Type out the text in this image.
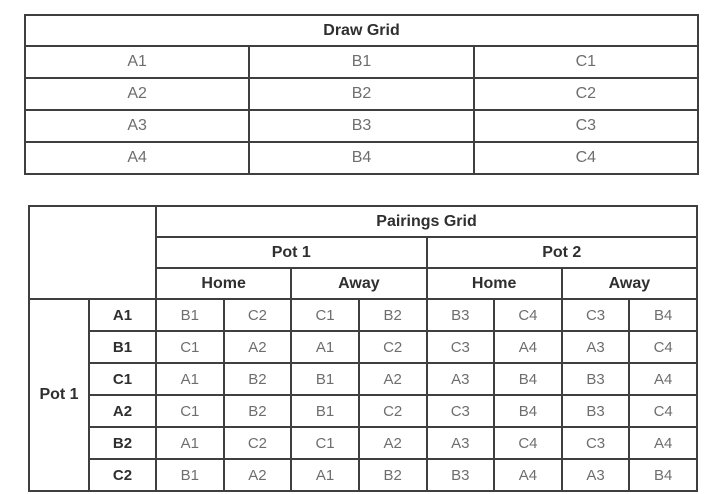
Draw Grid		
A1	B1	C1
A2	B2	C2
A3	B3	C3
A4	B4	C4
		Pairings Grid							
		Pot 1				Pot 2			
		Home		Away		Home		Away	
Pot 1	A1	B1	C2	C1	B2	B3	C4	C3	B4
	B1	C1	A2	A1	C2	C3	A4	A3	C4
	C1	A1	B2	B1	A2	A3	B4	B3	A4
	A2	C1	B2	B1	C2	C3	B4	B3	C4
	B2	A1	C2	C1	A2	A3	C4	C3	A4
	C2	B1	A2	A1	B2	B3	A4	A3	B4
